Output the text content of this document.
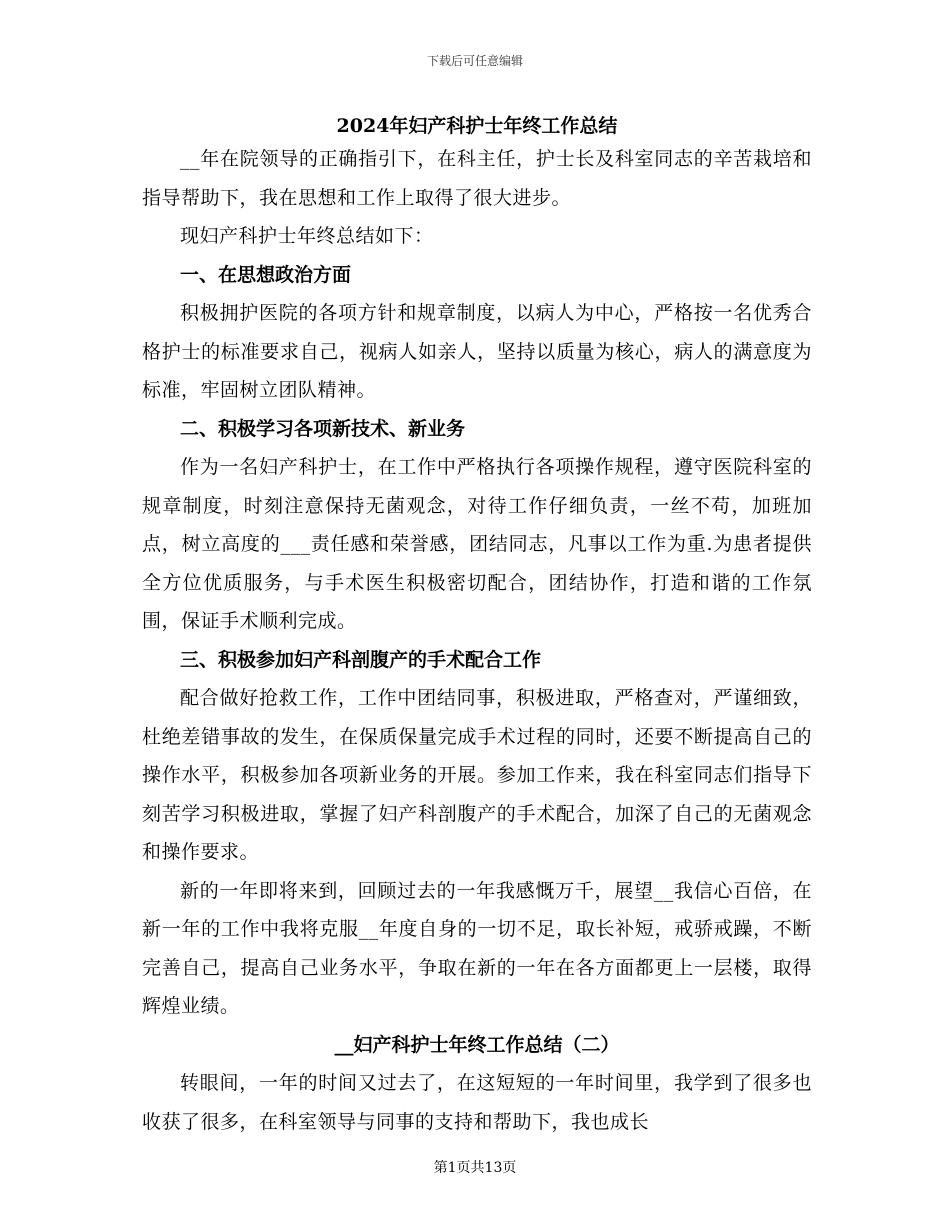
下载后可任意编辑

2024年妇产科护士年终工作总结

__年在院领导的正确指引下，在科主任，护士长及科室同志的辛苦栽培和指导帮助下，我在思想和工作上取得了很大进步。

现妇产科护士年终总结如下：

一、在思想政治方面

积极拥护医院的各项方针和规章制度，以病人为中心，严格按一名优秀合格护士的标准要求自己，视病人如亲人，坚持以质量为核心，病人的满意度为标准，牢固树立团队精神。

二、积极学习各项新技术、新业务

作为一名妇产科护士，在工作中严格执行各项操作规程，遵守医院科室的规章制度，时刻注意保持无菌观念，对待工作仔细负责，一丝不苟，加班加点，树立高度的___责任感和荣誉感，团结同志，凡事以工作为重.为患者提供全方位优质服务，与手术医生积极密切配合，团结协作，打造和谐的工作氛围，保证手术顺利完成。

三、积极参加妇产科剖腹产的手术配合工作

配合做好抢救工作，工作中团结同事，积极进取，严格查对，严谨细致，杜绝差错事故的发生，在保质保量完成手术过程的同时，还要不断提高自己的操作水平，积极参加各项新业务的开展。参加工作来，我在科室同志们指导下刻苦学习积极进取，掌握了妇产科剖腹产的手术配合，加深了自己的无菌观念和操作要求。

新的一年即将来到，回顾过去的一年我感慨万千，展望__我信心百倍，在新一年的工作中我将克服__年度自身的一切不足，取长补短，戒骄戒躁，不断完善自己，提高自己业务水平，争取在新的一年在各方面都更上一层楼，取得辉煌业绩。

__妇产科护士年终工作总结（二）

转眼间，一年的时间又过去了，在这短短的一年时间里，我学到了很多也收获了很多，在科室领导与同事的支持和帮助下，我也成长

第1页共13页
